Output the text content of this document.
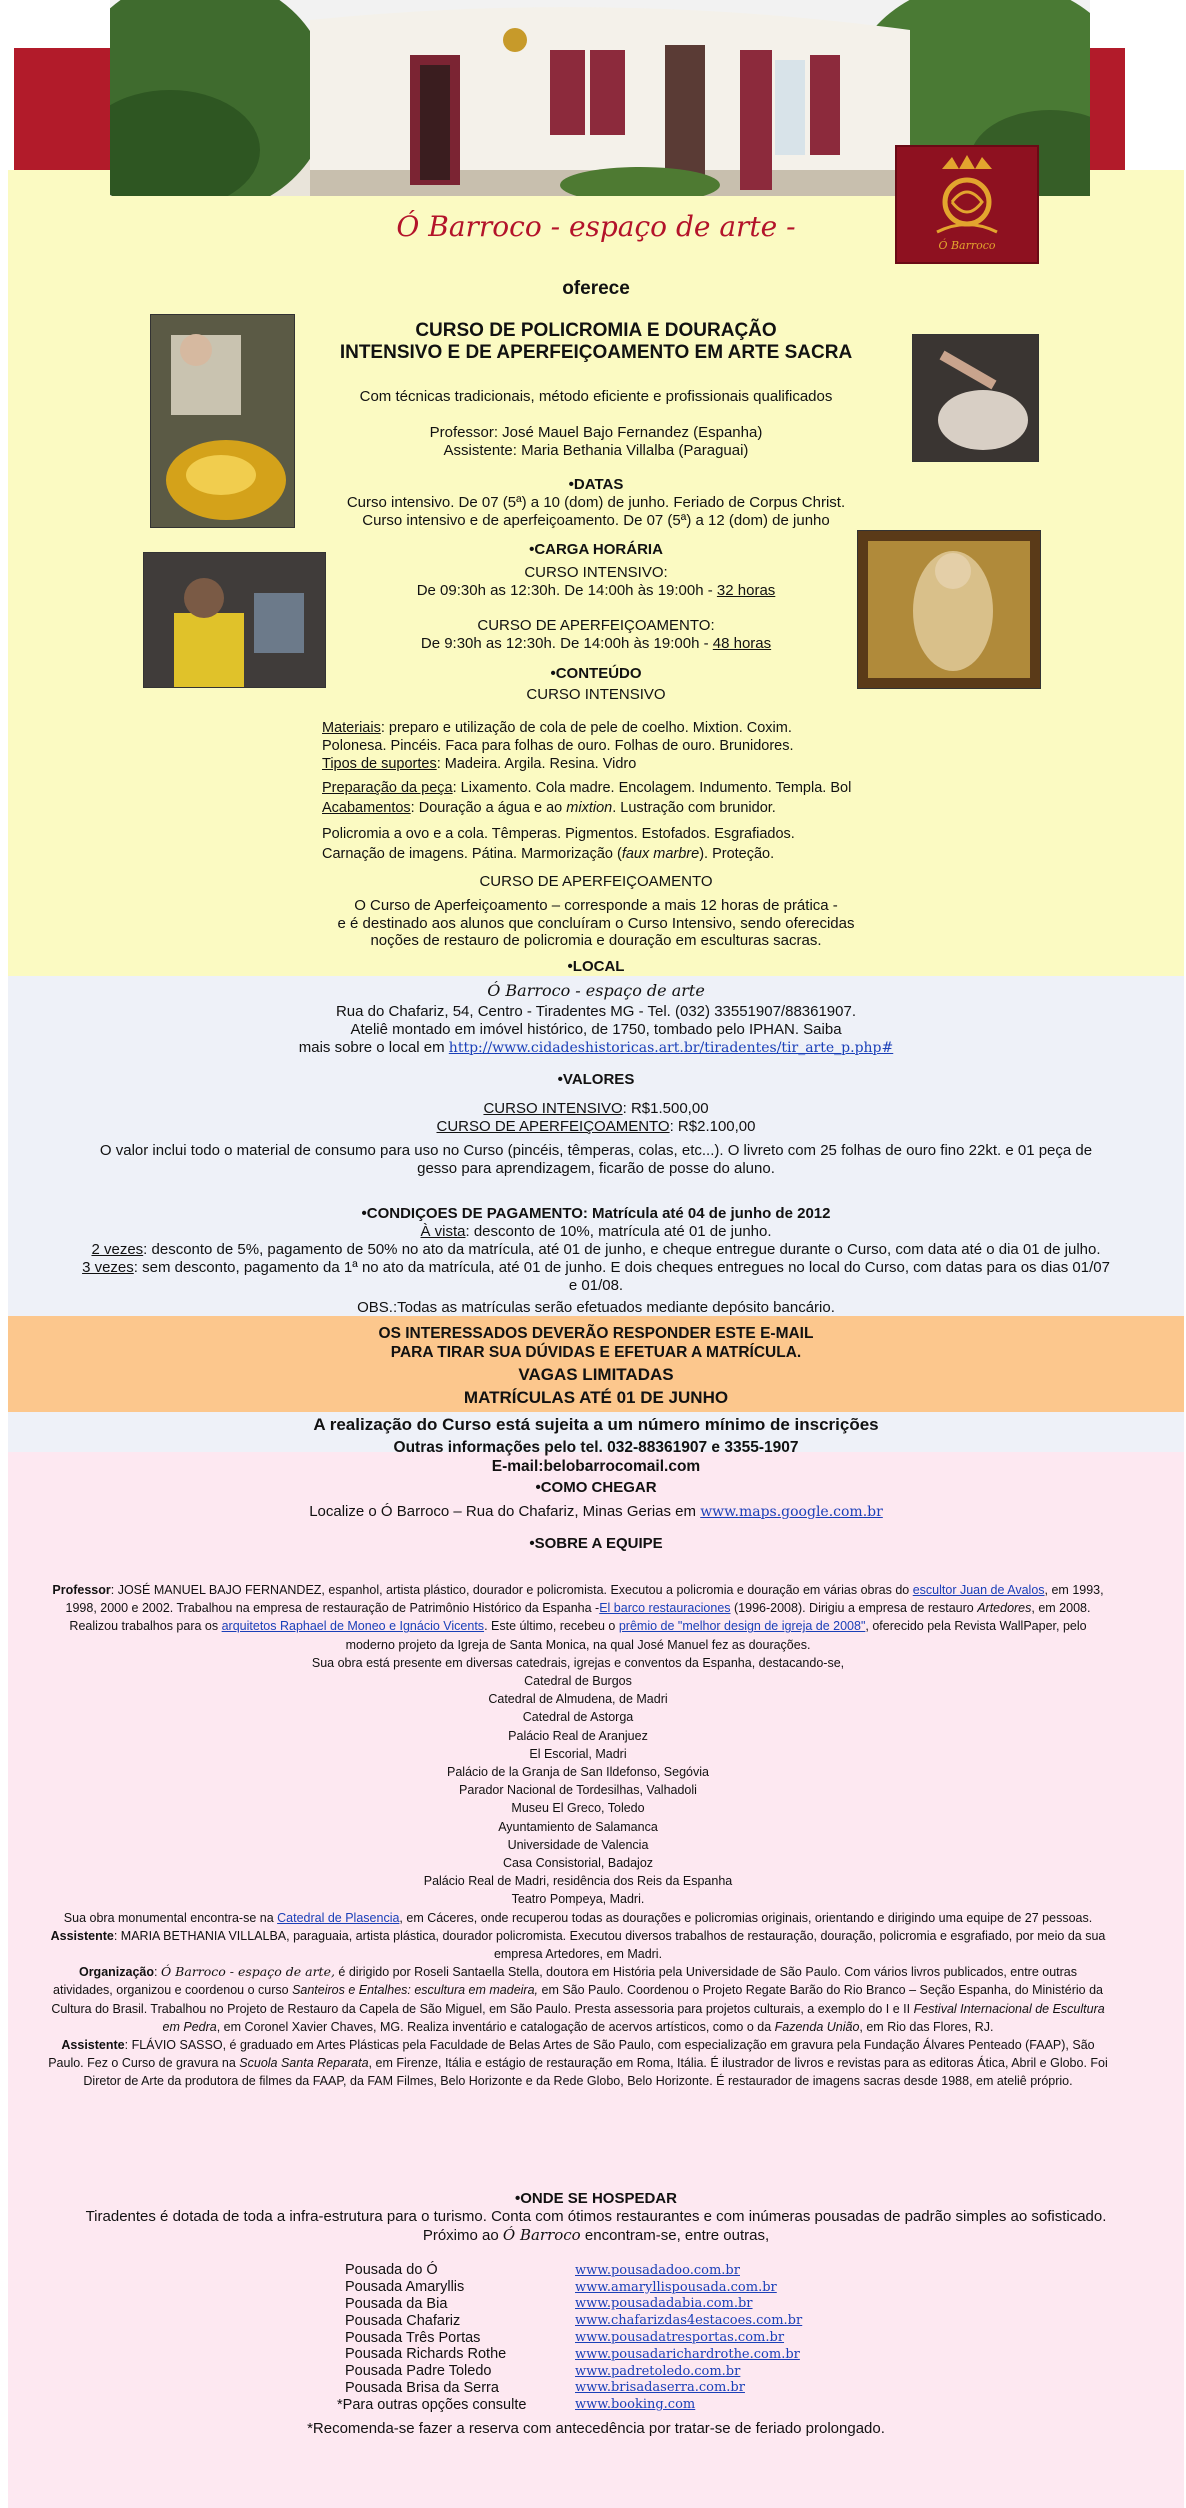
Ó Barroco
Ó Barroco - espaço de arte -
oferece
CURSO DE POLICROMIA E DOURAÇÃO
INTENSIVO E DE APERFEIÇOAMENTO EM ARTE SACRA
Com técnicas tradicionais, método eficiente e profissionais qualificados
Professor: José Mauel Bajo Fernandez (Espanha)
Assistente: Maria Bethania Villalba (Paraguai)
•DATAS
Curso intensivo. De 07 (5ª) a 10 (dom) de junho. Feriado de Corpus Christ.
Curso intensivo e de aperfeiçoamento. De 07 (5ª) a 12 (dom) de junho
•CARGA HORÁRIA
CURSO INTENSIVO:
De 09:30h as 12:30h. De 14:00h às 19:00h - 32 horas
CURSO DE APERFEIÇOAMENTO:
De 9:30h as 12:30h. De 14:00h às 19:00h - 48 horas
•CONTEÚDO
CURSO INTENSIVO
Materiais: preparo e utilização de cola de pele de coelho. Mixtion. Coxim.
Polonesa. Pincéis. Faca para folhas de ouro. Folhas de ouro. Brunidores.
Tipos de suportes: Madeira. Argila. Resina. Vidro
Preparação da peça: Lixamento. Cola madre. Encolagem. Indumento. Templa. Bol
Acabamentos: Douração a água e ao mixtion. Lustração com brunidor.
Policromia a ovo e a cola. Têmperas. Pigmentos. Estofados. Esgrafiados.
Carnação de imagens. Pátina. Marmorização (faux marbre). Proteção.
CURSO DE APERFEIÇOAMENTO
O Curso de Aperfeiçoamento – corresponde a mais 12 horas de prática -
e é destinado aos alunos que concluíram o Curso Intensivo, sendo oferecidas
noções de restauro de policromia e douração em esculturas sacras.
•LOCAL
Ó Barroco - espaço de arte
Rua do Chafariz, 54, Centro - Tiradentes MG - Tel. (032) 33551907/88361907.
Ateliê montado em imóvel histórico, de 1750, tombado pelo IPHAN. Saiba
mais sobre o local em http://www.cidadeshistoricas.art.br/tiradentes/tir_arte_p.php#
•VALORES
CURSO INTENSIVO: R$1.500,00
CURSO DE APERFEIÇOAMENTO: R$2.100,00
O valor inclui todo o material de consumo para uso no Curso (pincéis, têmperas, colas, etc...). O livreto com 25 folhas de ouro fino 22kt. e 01 peça de
gesso para aprendizagem, ficarão de posse do aluno.
•CONDIÇOES DE PAGAMENTO: Matrícula até 04 de junho de 2012
À vista: desconto de 10%, matrícula até 01 de junho.
2 vezes: desconto de 5%, pagamento de 50% no ato da matrícula, até 01 de junho, e cheque entregue durante o Curso, com data até o dia 01 de julho.
3 vezes: sem desconto, pagamento da 1ª no ato da matrícula, até 01 de junho. E dois cheques entregues no local do Curso, com datas para os dias 01/07
e 01/08.
OBS.:Todas as matrículas serão efetuados mediante depósito bancário.
OS INTERESSADOS DEVERÃO RESPONDER ESTE E-MAIL
PARA TIRAR SUA DÚVIDAS E EFETUAR A MATRÍCULA.
VAGAS LIMITADAS
MATRÍCULAS ATÉ 01 DE JUNHO
A realização do Curso está sujeita a um número mínimo de inscrições
Outras informações pelo tel. 032-88361907 e 3355-1907
E-mail:belobarrocomail.com
•COMO CHEGAR
Localize o Ó Barroco – Rua do Chafariz, Minas Gerias em www.maps.google.com.br
•SOBRE A EQUIPE

Professor: JOSÉ MANUEL BAJO FERNANDEZ, espanhol, artista plástico, dourador e policromista. Executou a policromia e douração em várias obras do escultor Juan de Avalos, em 1993, 1998, 2000 e 2002. Trabalhou na empresa de restauração de Patrimônio Histórico da Espanha -El barco restauraciones (1996-2008). Dirigiu a empresa de restauro Artedores, em 2008. Realizou trabalhos para os arquitetos Raphael de Moneo e Ignácio Vicents. Este último, recebeu o prêmio de "melhor design de igreja de 2008", oferecido pela Revista WallPaper, pelo moderno projeto da Igreja de Santa Monica, na qual José Manuel fez as dourações.

Sua obra está presente em diversas catedrais, igrejas e conventos da Espanha, destacando-se,

Catedral de Burgos
Catedral de Almudena, de Madri
Catedral de Astorga
Palácio Real de Aranjuez
El Escorial, Madri
Palácio de la Granja de San Ildefonso, Segóvia
Parador Nacional de Tordesilhas, Valhadoli
Museu El Greco, Toledo
Ayuntamiento de Salamanca
Universidade de Valencia
Casa Consistorial, Badajoz
Palácio Real de Madri, residência dos Reis da Espanha
Teatro Pompeya, Madri.

Sua obra monumental encontra-se na Catedral de Plasencia, em Cáceres, onde recuperou todas as dourações e policromias originais, orientando e dirigindo uma equipe de 27 pessoas.

Assistente: MARIA BETHANIA VILLALBA, paraguaia, artista plástica, dourador policromista. Executou diversos trabalhos de restauração, douração, policromia e esgrafiado, por meio da sua empresa Artedores, em Madri.

Organização: Ó Barroco - espaço de arte, é dirigido por Roseli Santaella Stella, doutora em História pela Universidade de São Paulo. Com vários livros publicados, entre outras atividades, organizou e coordenou o curso Santeiros e Entalhes: escultura em madeira, em São Paulo. Coordenou o Projeto Regate Barão do Rio Branco – Seção Espanha, do Ministério da Cultura do Brasil. Trabalhou no Projeto de Restauro da Capela de São Miguel, em São Paulo. Presta assessoria para projetos culturais, a exemplo do I e II Festival Internacional de Escultura em Pedra, em Coronel Xavier Chaves, MG. Realiza inventário e catalogação de acervos artísticos, como o da Fazenda União, em Rio das Flores, RJ.

Assistente: FLÁVIO SASSO, é graduado em Artes Plásticas pela Faculdade de Belas Artes de São Paulo, com especialização em gravura pela Fundação Álvares Penteado (FAAP), São Paulo. Fez o Curso de gravura na Scuola Santa Reparata, em Firenze, Itália e estágio de restauração em Roma, Itália. É ilustrador de livros e revistas para as editoras Ática, Abril e Globo. Foi Diretor de Arte da produtora de filmes da FAAP, da FAM Filmes, Belo Horizonte e da Rede Globo, Belo Horizonte. É restaurador de imagens sacras desde 1988, em ateliê próprio.

•ONDE SE HOSPEDAR
Tiradentes é dotada de toda a infra-estrutura para o turismo. Conta com ótimos restaurantes e com inúmeras pousadas de padrão simples ao sofisticado.
Próximo ao Ó Barroco encontram-se, entre outras,
Pousada do Ó	www.pousadadoo.com.br
Pousada Amaryllis	www.amaryllispousada.com.br
Pousada da Bia	www.pousadadabia.com.br
Pousada Chafariz	www.chafarizdas4estacoes.com.br
Pousada Três Portas	www.pousadatresportas.com.br
Pousada Richards Rothe	www.pousadarichardrothe.com.br
Pousada Padre Toledo	www.padretoledo.com.br
Pousada Brisa da Serra	www.brisadaserra.com.br
*Para outras opções consulte	www.booking.com
*Recomenda-se fazer a reserva com antecedência por tratar-se de feriado prolongado.
